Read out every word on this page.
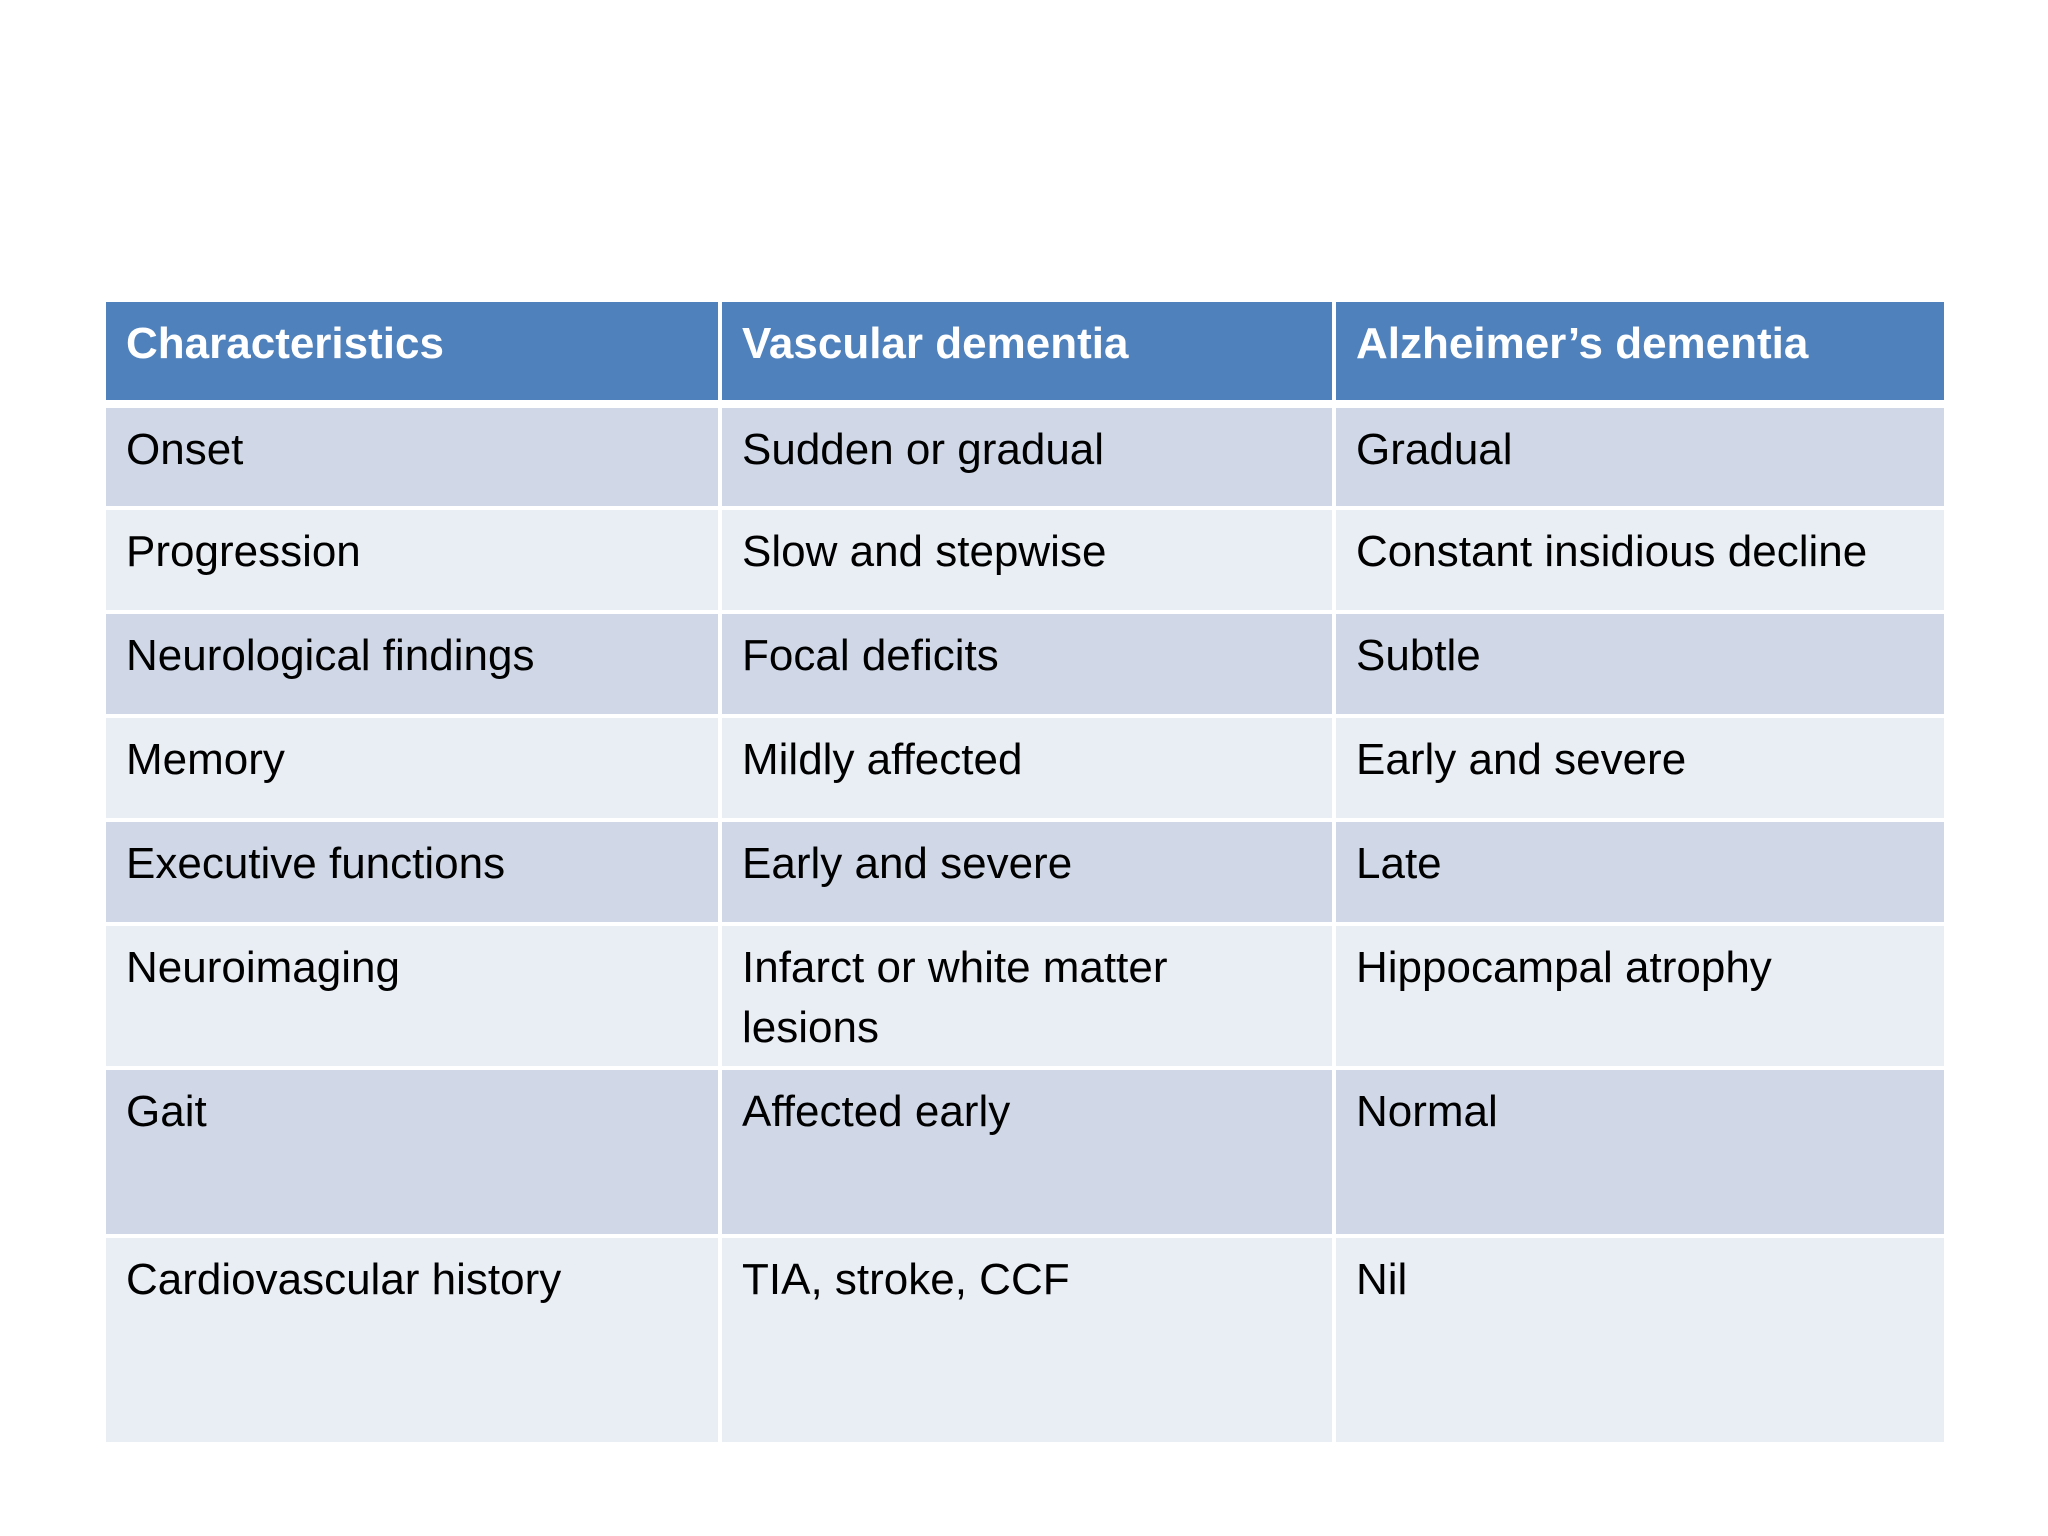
Characteristics	Vascular dementia	Alzheimer’s dementia
Onset	Sudden or gradual	Gradual
Progression	Slow and stepwise	Constant insidious decline
Neurological findings	Focal deficits	Subtle
Memory	Mildly affected	Early and severe
Executive functions	Early and severe	Late
Neuroimaging	Infarct or white matter lesions	Hippocampal atrophy
Gait	Affected early	Normal
Cardiovascular history	TIA, stroke, CCF	Nil
